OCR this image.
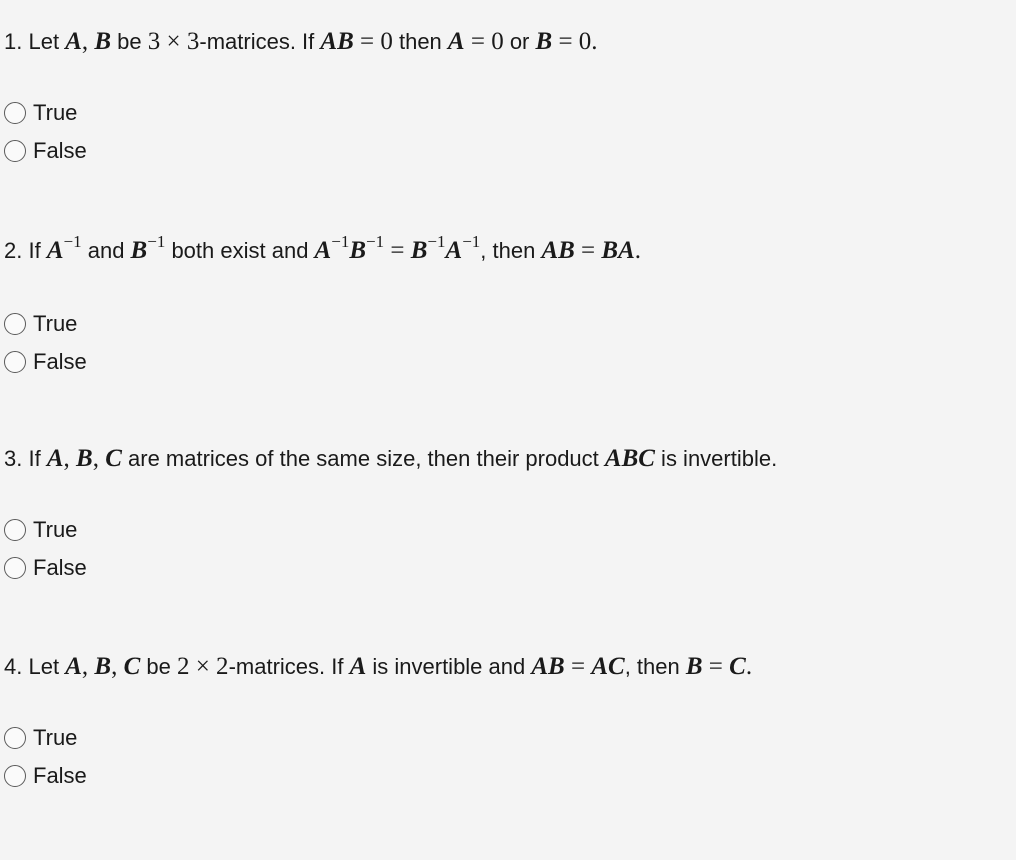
1. Let A, B be 3 × 3-matrices. If AB = 0 then A = 0 or B = 0.
True
False
2. If $A^{-1}$ and $B^{-1}$ both exist and $A^{-1}B^{-1} = B^{-1}A^{-1}$, then AB = BA.
True
False
3. If A, B, C are matrices of the same size, then their product ABC is invertible.
True
False
4. Let A, B, C be 2 × 2-matrices. If A is invertible and AB = AC, then B = C.
True
False
